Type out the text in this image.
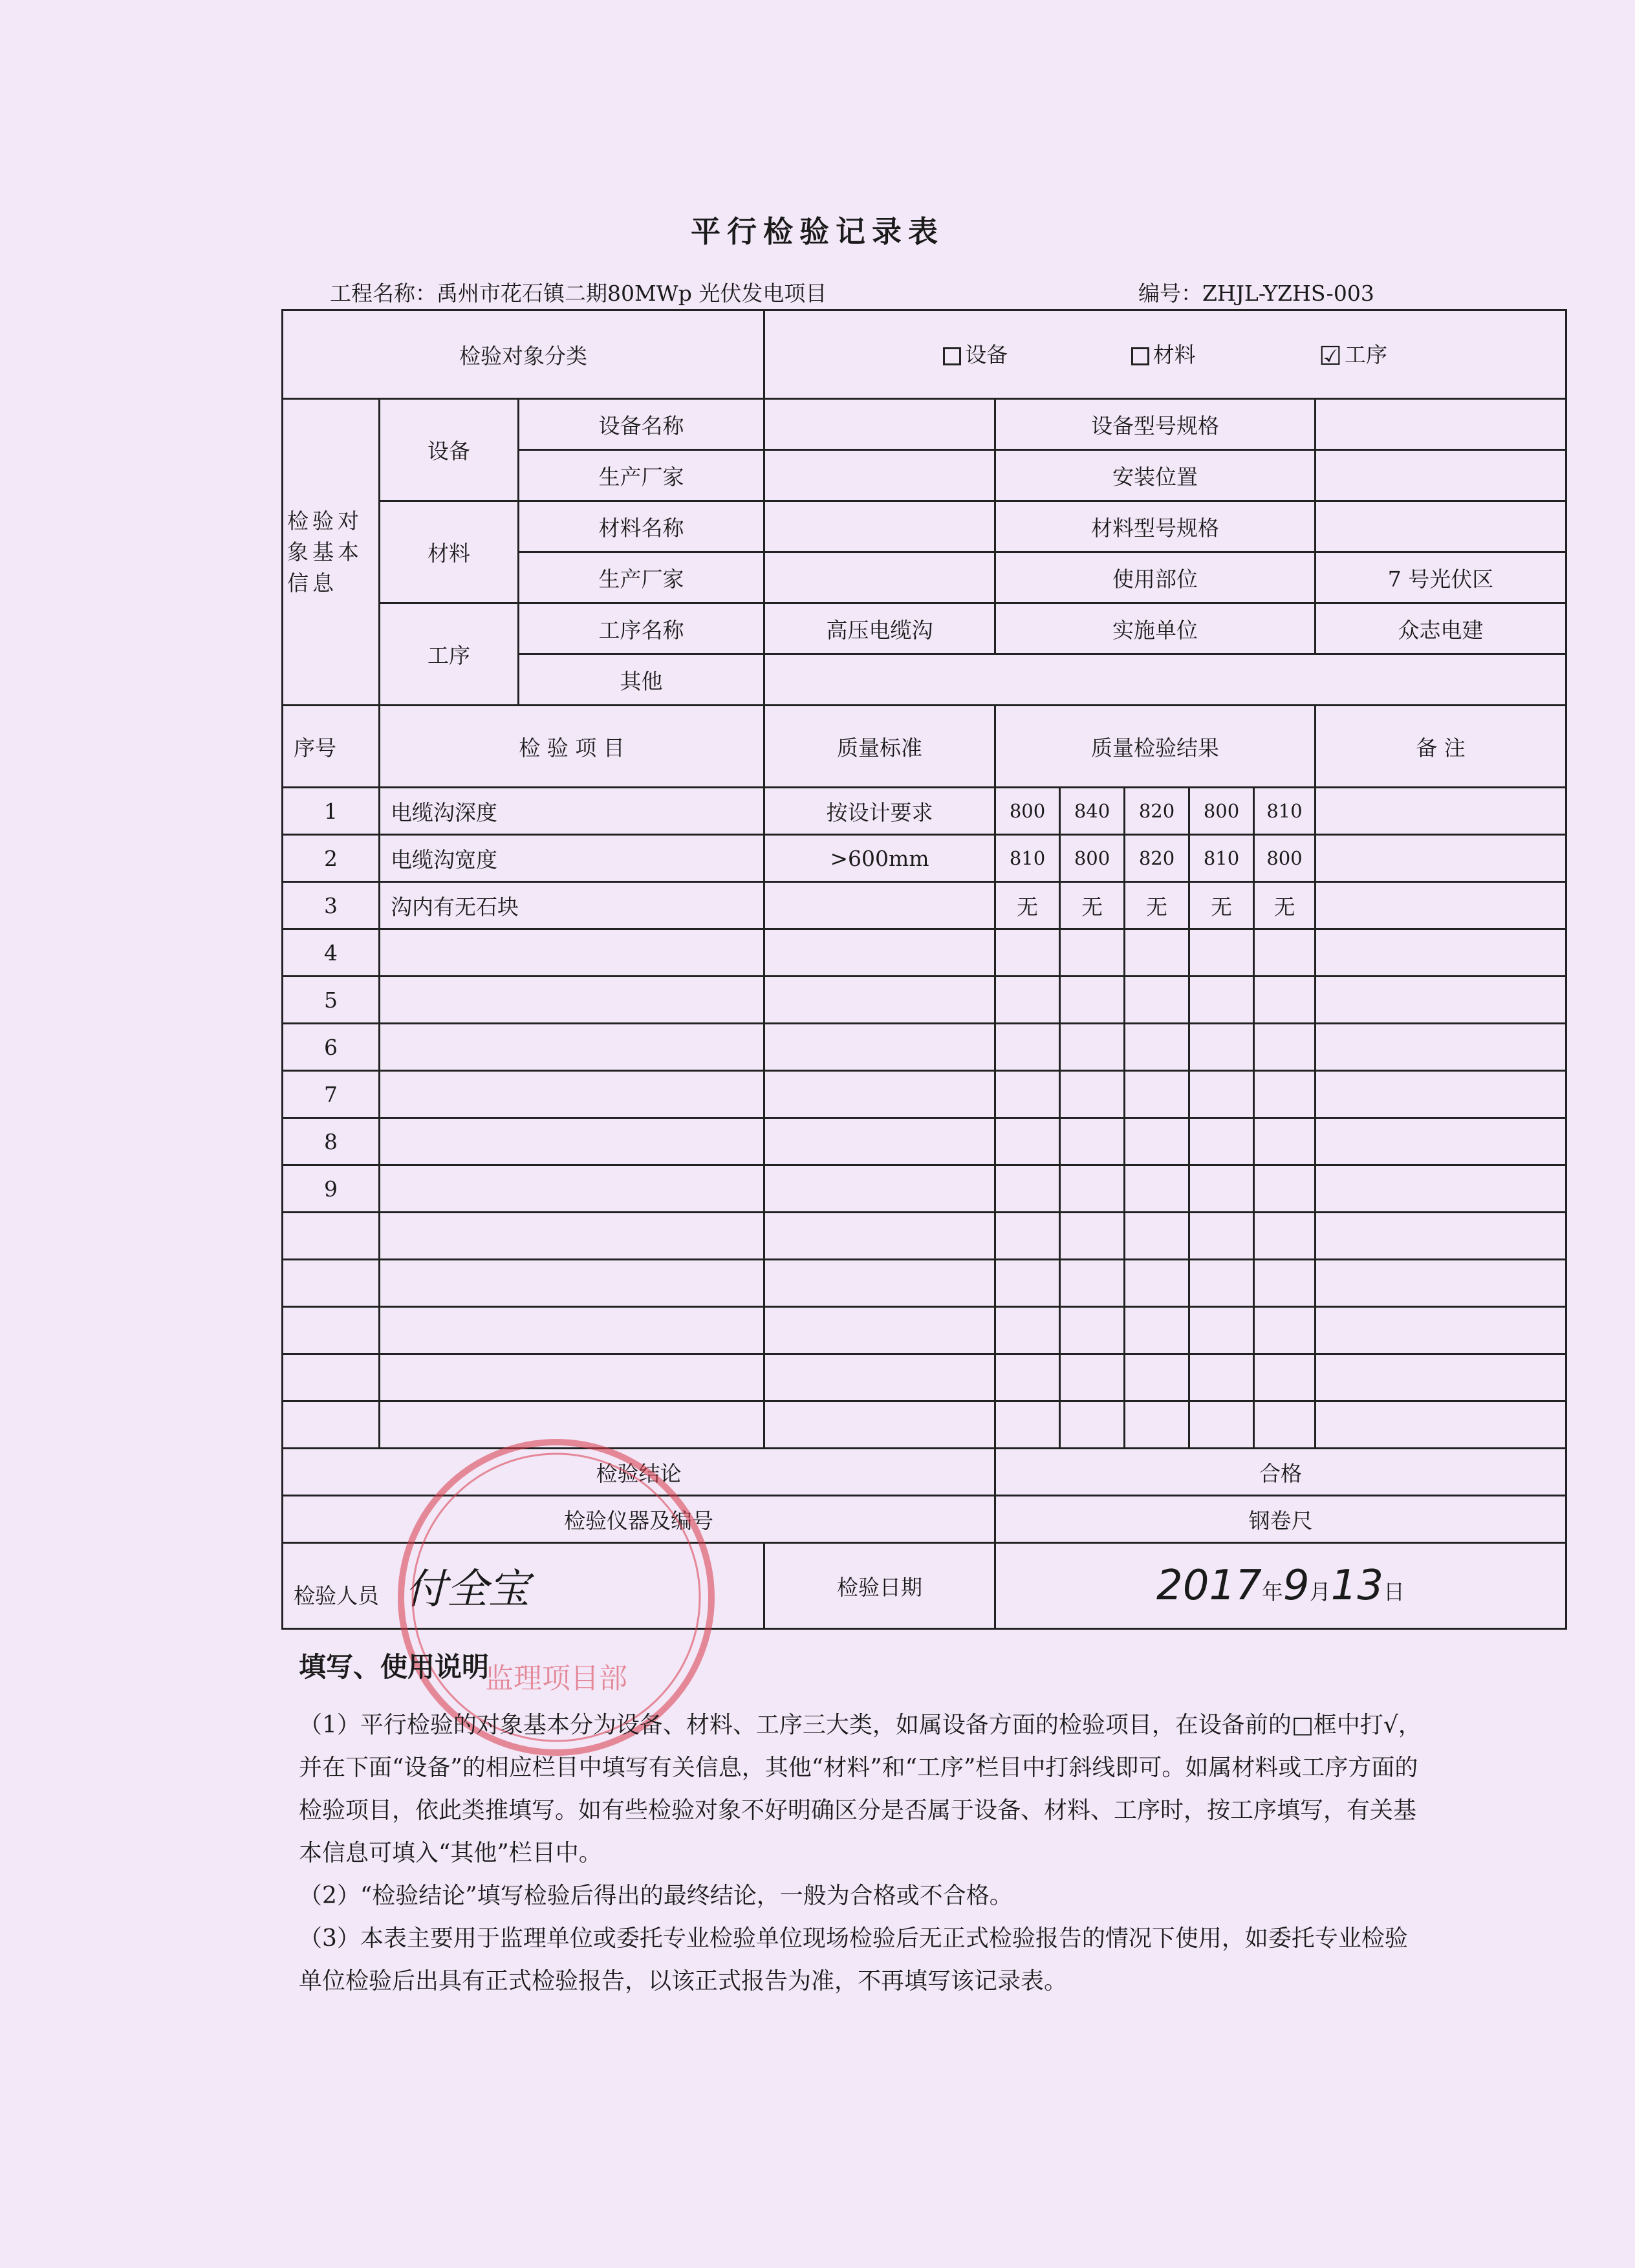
平行检验记录表
工程名称：禹州市花石镇二期80MWp 光伏发电项目	编号：ZHJL-YZHS-003
检验对象分类			设备 材料 ☑ 工序						
检验对象基本信息	设备	设备名称		设备型号规格					
		生产厂家		安装位置					
	材料	材料名称		材料型号规格					
		生产厂家		使用部位					7 号光伏区
	工序	工序名称	高压电缆沟	实施单位					众志电建
		其他							
序号	检 验 项 目		质量标准	质量检验结果					备 注
1	电缆沟深度		按设计要求	800	840	820	800	810	
2	电缆沟宽度		>600mm	810	800	820	810	800	
3	沟内有无石块			无	无	无	无	无	
4									
5									
6									
7									
8									
9									

检验结论				合格					
检验仪器及编号				钢卷尺					
检验人员 付全宝			检验日期	2017年9月13日					
监理项目部
填写、使用说明

（1）平行检验的对象基本分为设备、材料、工序三大类，如属设备方面的检验项目，在设备前的□框中打√，并在下面“设备”的相应栏目中填写有关信息，其他“材料”和“工序”栏目中打斜线即可。如属材料或工序方面的检验项目，依此类推填写。如有些检验对象不好明确区分是否属于设备、材料、工序时，按工序填写，有关基本信息可填入“其他”栏目中。

（2）“检验结论”填写检验后得出的最终结论，一般为合格或不合格。

（3）本表主要用于监理单位或委托专业检验单位现场检验后无正式检验报告的情况下使用，如委托专业检验单位检验后出具有正式检验报告，以该正式报告为准，不再填写该记录表。
